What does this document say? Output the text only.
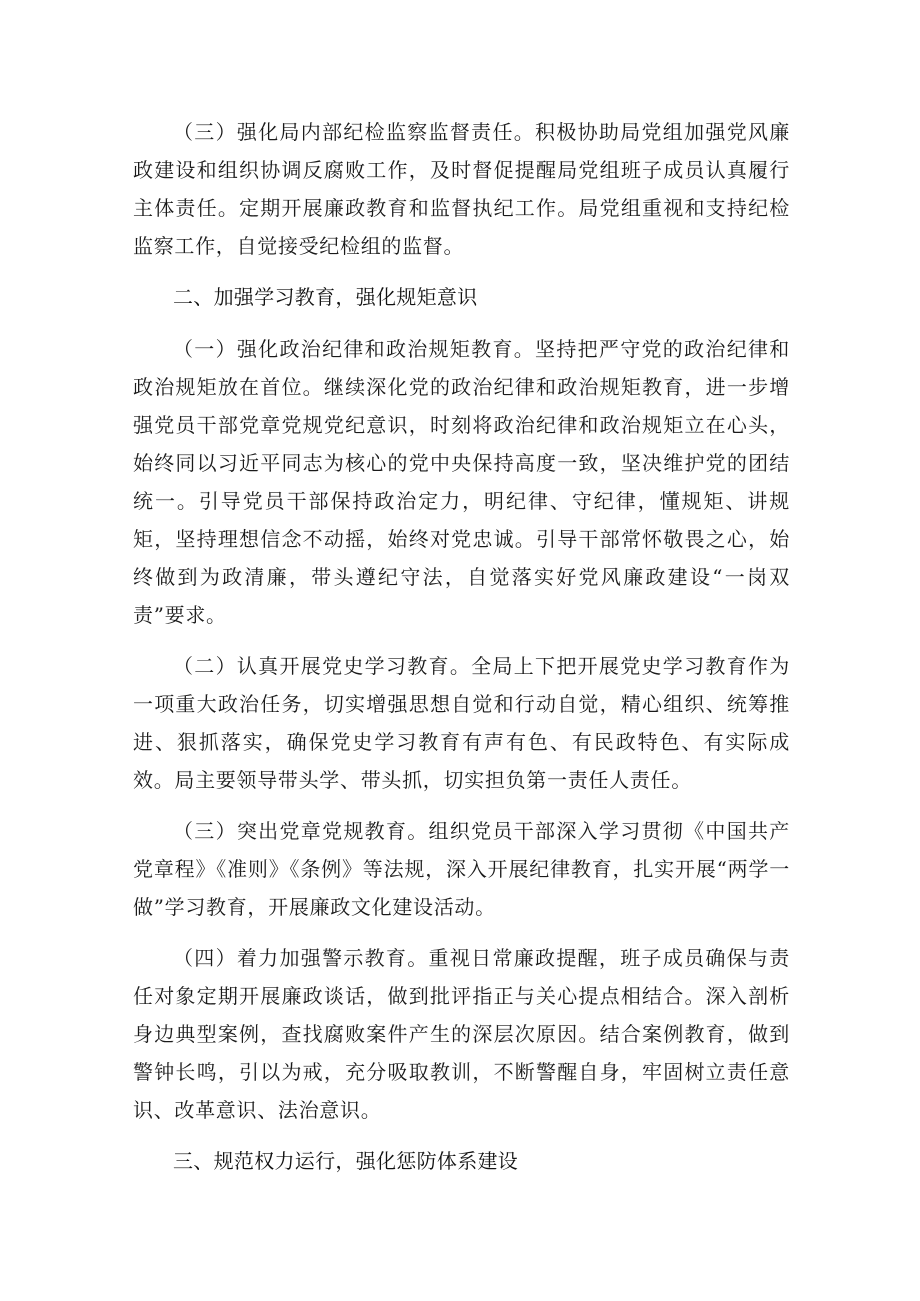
（三）强化局内部纪检监察监督责任。积极协助局党组加强党风廉政建设和组织协调反腐败工作，及时督促提醒局党组班子成员认真履行主体责任。定期开展廉政教育和监督执纪工作。局党组重视和支持纪检监察工作，自觉接受纪检组的监督。

二、加强学习教育，强化规矩意识

（一）强化政治纪律和政治规矩教育。坚持把严守党的政治纪律和政治规矩放在首位。继续深化党的政治纪律和政治规矩教育，进一步增强党员干部党章党规党纪意识，时刻将政治纪律和政治规矩立在心头，始终同以习近平同志为核心的党中央保持高度一致，坚决维护党的团结统一。引导党员干部保持政治定力，明纪律、守纪律，懂规矩、讲规矩，坚持理想信念不动摇，始终对党忠诚。引导干部常怀敬畏之心，始终做到为政清廉，带头遵纪守法，自觉落实好党风廉政建设“一岗双责”要求。

（二）认真开展党史学习教育。全局上下把开展党史学习教育作为一项重大政治任务，切实增强思想自觉和行动自觉，精心组织、统筹推进、狠抓落实，确保党史学习教育有声有色、有民政特色、有实际成效。局主要领导带头学、带头抓，切实担负第一责任人责任。

（三）突出党章党规教育。组织党员干部深入学习贯彻《中国共产党章程》《准则》《条例》等法规，深入开展纪律教育，扎实开展“两学一做”学习教育，开展廉政文化建设活动。

（四）着力加强警示教育。重视日常廉政提醒，班子成员确保与责任对象定期开展廉政谈话，做到批评指正与关心提点相结合。深入剖析身边典型案例，查找腐败案件产生的深层次原因。结合案例教育，做到警钟长鸣，引以为戒，充分吸取教训，不断警醒自身，牢固树立责任意识、改革意识、法治意识。

三、规范权力运行，强化惩防体系建设
